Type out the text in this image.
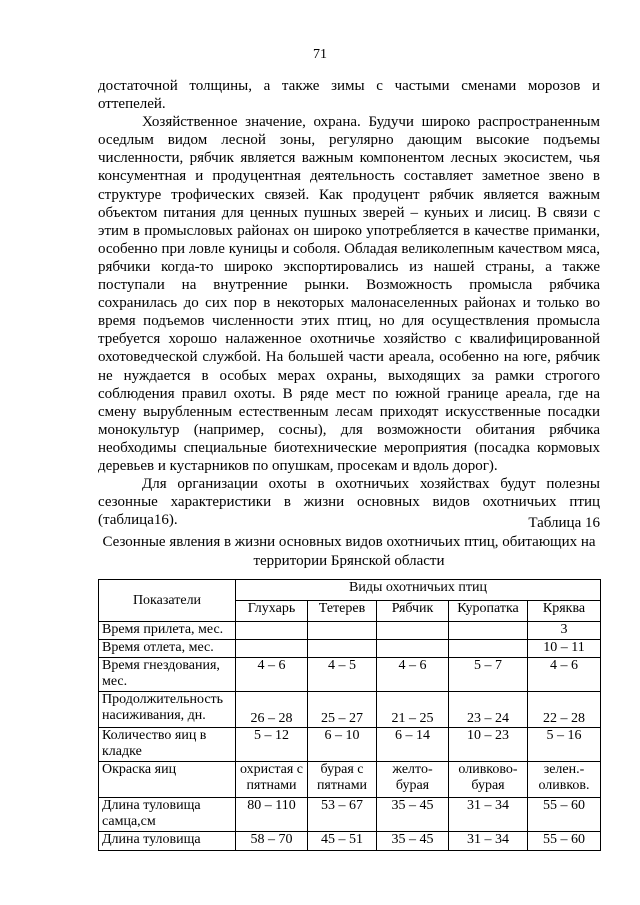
71

достаточной толщины, а также зимы с частыми сменами морозов и оттепелей.

Хозяйственное значение, охрана. Будучи широко распространенным оседлым видом лесной зоны, регулярно дающим высокие подъемы численности, рябчик является важным компонентом лесных экосистем, чья консументная и продуцентная деятельность составляет заметное звено в структуре трофических связей. Как продуцент рябчик является важным объектом питания для ценных пушных зверей – куньих и лисиц. В связи с этим в промысловых районах он широко употребляется в качестве приманки, особенно при ловле куницы и соболя. Обладая великолепным качеством мяса, рябчики когда-то широко экспортировались из нашей страны, а также поступали на внутренние рынки. Возможность промысла рябчика сохранилась до сих пор в некоторых малонаселенных районах и только во время подъемов численности этих птиц, но для осуществления промысла требуется хорошо налаженное охотничье хозяйство с квалифицированной охотоведческой службой. На большей части ареала, особенно на юге, рябчик не нуждается в особых мерах охраны, выходящих за рамки строгого соблюдения правил охоты. В ряде мест по южной границе ареала, где на смену вырубленным естественным лесам приходят искусственные посадки монокультур (например, сосны), для возможности обитания рябчика необходимы специальные биотехнические мероприятия (посадка кормовых деревьев и кустарников по опушкам, просекам и вдоль дорог).

Для организации охоты в охотничьих хозяйствах будут полезны сезонные характеристики в жизни основных видов охотничьих птиц (таблица16).	Таблица 16
Сезонные явления в жизни основных видов охотничьих птиц, обитающих на
территории Брянской области
Показатели	Виды охотничьих птиц				
	Глухарь	Тетерев	Рябчик	Куропатка	Кряква
Время прилета, мес.					3
Время отлета, мес.					10 – 11
Время гнездования, мес.	4 – 6	4 – 5	4 – 6	5 – 7	4 – 6
Продолжительность насиживания, дн.	26 – 28	25 – 27	21 – 25	23 – 24	22 – 28
Количество яиц в кладке	5 – 12	6 – 10	6 – 14	10 – 23	5 – 16
Окраска яиц	охристая с пятнами	бурая с пятнами	желто-бурая	оливково-бурая	зелен.-оливков.
Длина туловища самца,см	80 – 110	53 – 67	35 – 45	31 – 34	55 – 60
Длина туловища	58 – 70	45 – 51	35 – 45	31 – 34	55 – 60
